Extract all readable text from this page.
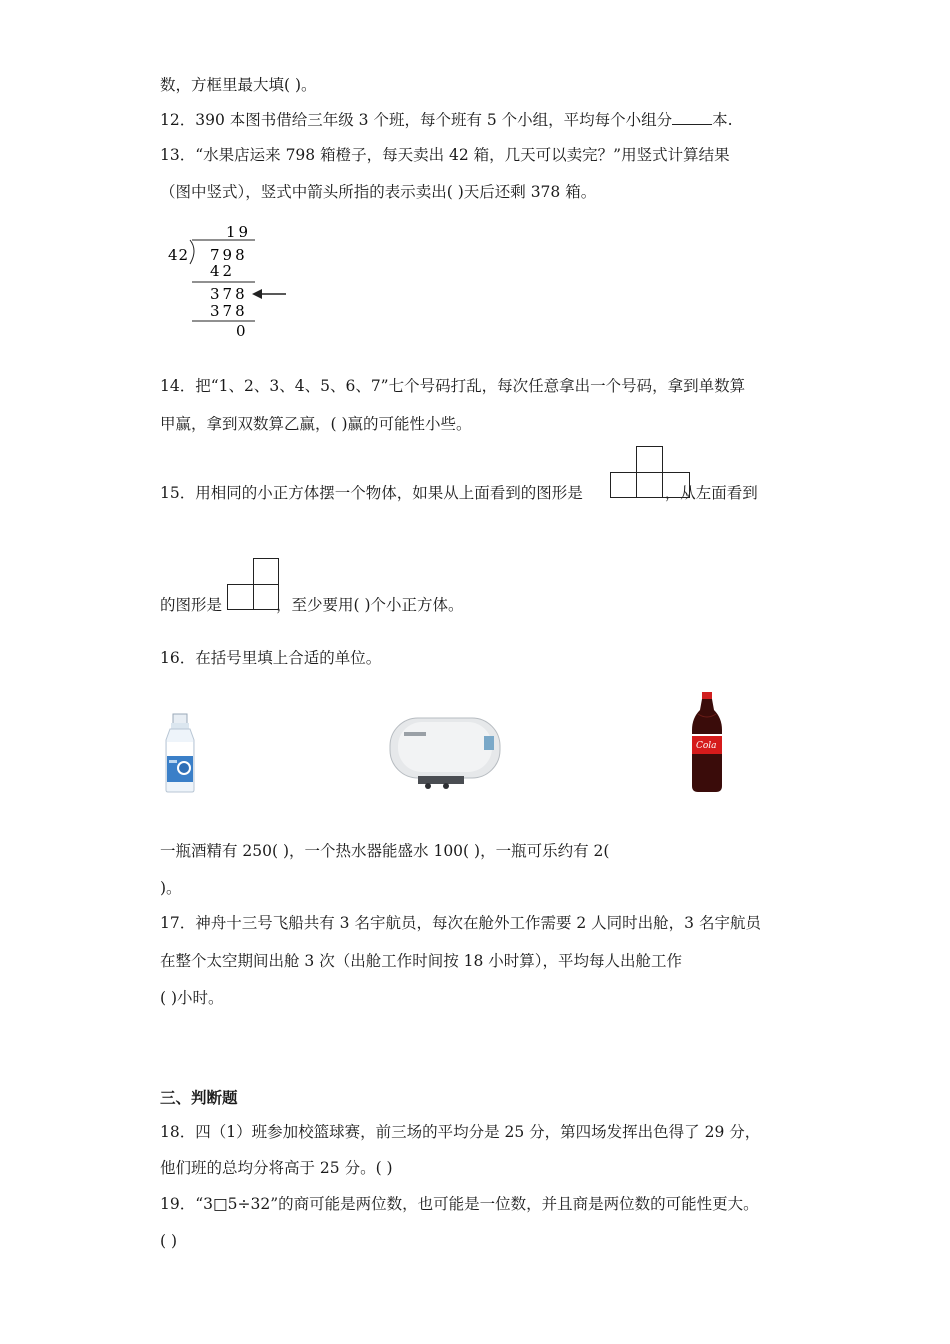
数，方框里最大填( )。
12．390 本图书借给三年级 3 个班，每个班有 5 个小组，平均每个小组分	本.
13．“水果店运来 798 箱橙子，每天卖出 42 箱，几天可以卖完？”用竖式计算结果
（图中竖式），竖式中箭头所指的表示卖出( )天后还剩 378 箱。
19
42 798
42
378
378
0
14．把“1、2、3、4、5、6、7”七个号码打乱，每次任意拿出一个号码，拿到单数算
甲赢，拿到双数算乙赢，( )赢的可能性小些。
15．用相同的小正方体摆一个物体，如果从上面看到的图形是	，从左面看到
的图形是	，至少要用( )个小正方体。
16．在括号里填上合适的单位。
Cola
一瓶酒精有 250( )，一个热水器能盛水 100( )，一瓶可乐约有 2(
)。
17．神舟十三号飞船共有 3 名宇航员，每次在舱外工作需要 2 人同时出舱，3 名宇航员
在整个太空期间出舱 3 次（出舱工作时间按 18 小时算），平均每人出舱工作
( )小时。
三、判断题
18．四（1）班参加校篮球赛，前三场的平均分是 25 分，第四场发挥出色得了 29 分，
他们班的总均分将高于 25 分。( )
19．“3□5÷32”的商可能是两位数，也可能是一位数，并且商是两位数的可能性更大。
( )
